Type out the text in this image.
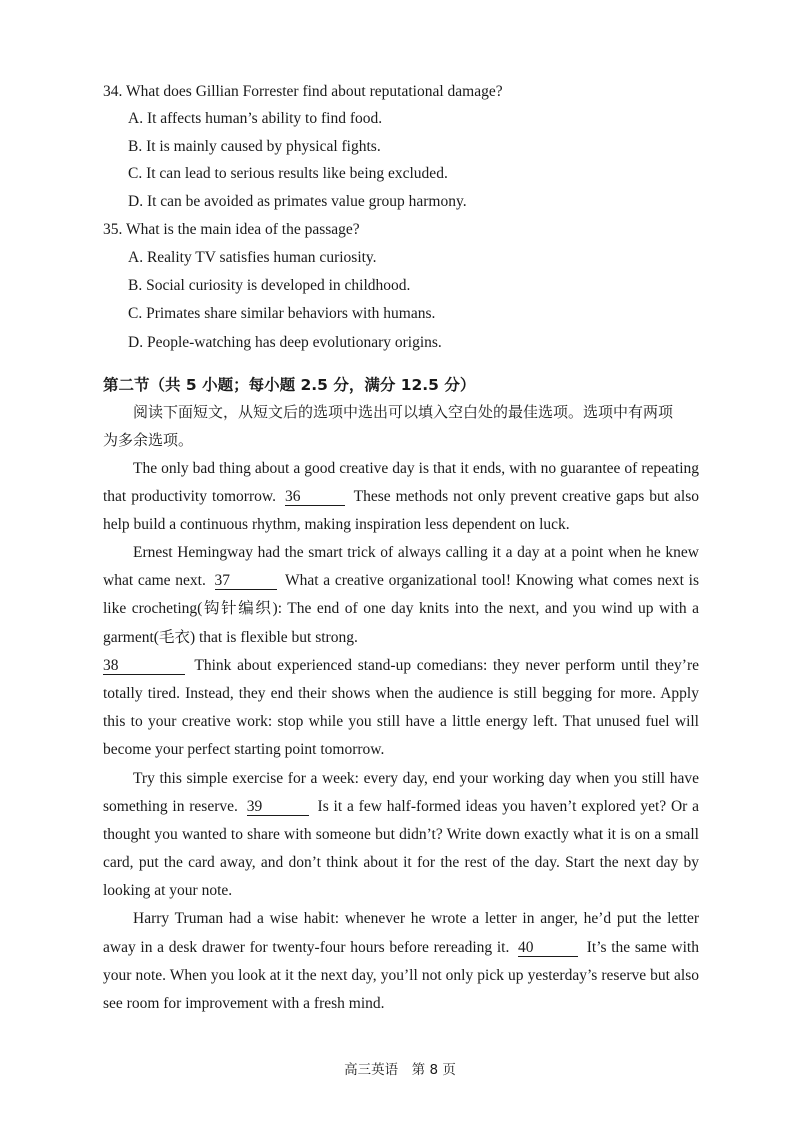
34. What does Gillian Forrester find about reputational damage?
A. It affects human’s ability to find food.
B. It is mainly caused by physical fights.
C. It can lead to serious results like being excluded.
D. It can be avoided as primates value group harmony.
35. What is the main idea of the passage?
A. Reality TV satisfies human curiosity.
B. Social curiosity is developed in childhood.
C. Primates share similar behaviors with humans.
D. People-watching has deep evolutionary origins.
第二节（共 5 小题；每小题 2.5 分，满分 12.5 分）
阅读下面短文，从短文后的选项中选出可以填入空白处的最佳选项。选项中有两项
为多余选项。
The only bad thing about a good creative day is that it ends, with no guarantee of repeating
that productivity tomorrow. 36	These methods not only prevent creative gaps but also
help build a continuous rhythm, making inspiration less dependent on luck.
Ernest Hemingway had the smart trick of always calling it a day at a point when he knew
what came next. 37	What a creative organizational tool! Knowing what comes next is
like crocheting(钩针编织): The end of one day knits into the next, and you wind up with a
garment(毛衣) that is flexible but strong.
38	Think about experienced stand-up comedians: they never perform until they’re
totally tired. Instead, they end their shows when the audience is still begging for more. Apply
this to your creative work: stop while you still have a little energy left. That unused fuel will
become your perfect starting point tomorrow.
Try this simple exercise for a week: every day, end your working day when you still have
something in reserve. 39	Is it a few half-formed ideas you haven’t explored yet? Or a
thought you wanted to share with someone but didn’t? Write down exactly what it is on a small
card, put the card away, and don’t think about it for the rest of the day. Start the next day by
looking at your note.
Harry Truman had a wise habit: whenever he wrote a letter in anger, he’d put the letter
away in a desk drawer for twenty-four hours before rereading it. 40	It’s the same with
your note. When you look at it the next day, you’ll not only pick up yesterday’s reserve but also
see room for improvement with a fresh mind.
高三英语　第 8 页
